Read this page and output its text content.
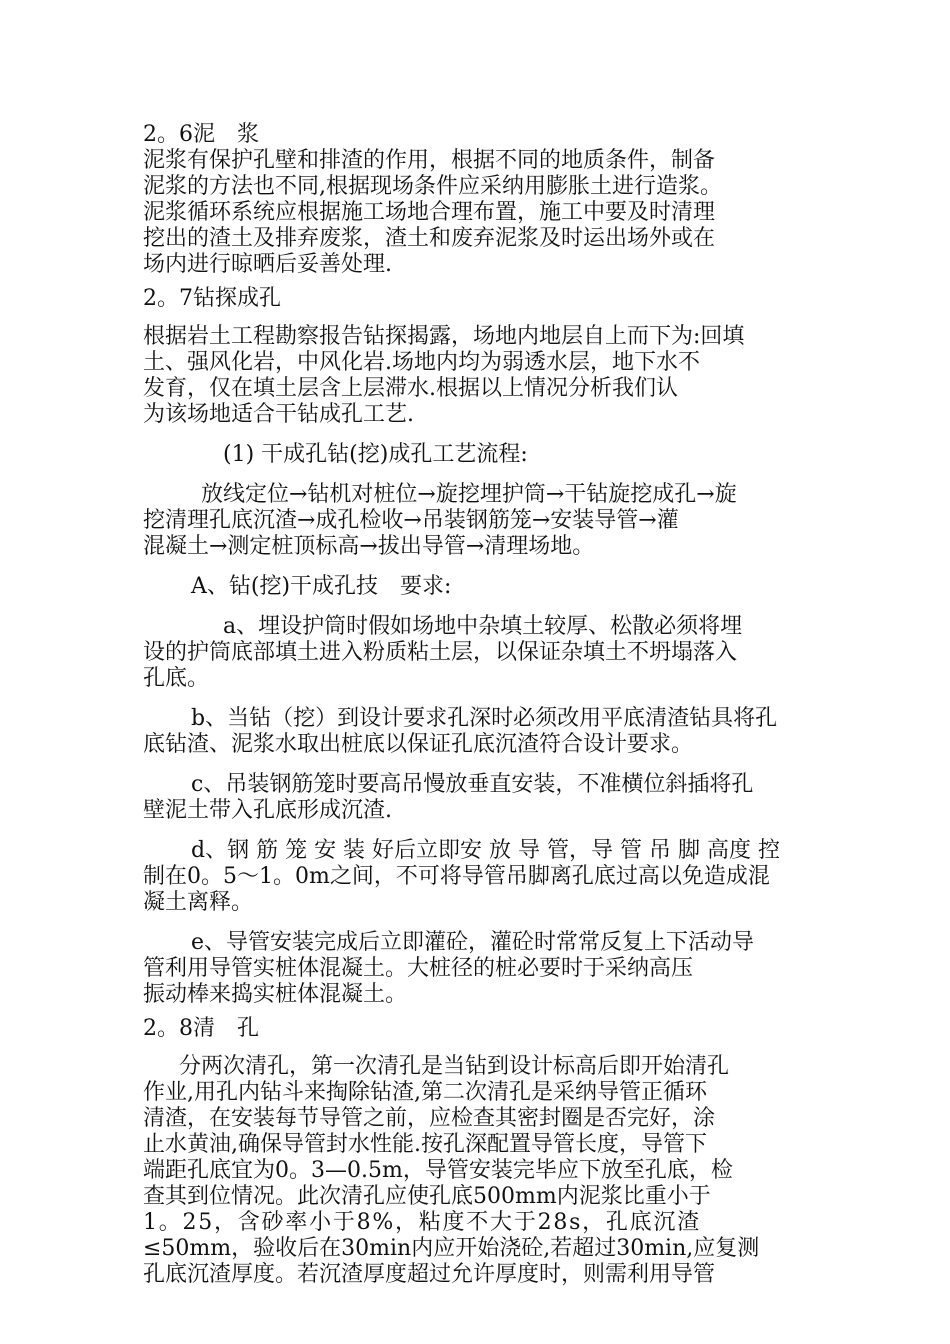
2。6泥　浆
泥浆有保护孔壁和排渣的作用，根据不同的地质条件，制备
泥浆的方法也不同,根据现场条件应采纳用膨胀土进行造浆。
泥浆循环系统应根据施工场地合理布置，施工中要及时清理
挖出的渣土及排弃废浆，渣土和废弃泥浆及时运出场外或在
场内进行晾晒后妥善处理.
2。7钻探成孔
根据岩土工程勘察报告钻探揭露，场地内地层自上而下为:回填
土、强风化岩，中风化岩.场地内均为弱透水层，地下水不
发育，仅在填土层含上层滞水.根据以上情况分析我们认
为该场地适合干钻成孔工艺.
(1) 干成孔钻(挖)成孔工艺流程:
放线定位→钻机对桩位→旋挖埋护筒→干钻旋挖成孔→旋
挖清理孔底沉渣→成孔检收→吊装钢筋笼→安装导管→灌
混凝土→测定桩顶标高→拔出导管→清理场地。
A、钻(挖)干成孔技　要求:
a、埋设护筒时假如场地中杂填土较厚、松散必须将埋
设的护筒底部填土进入粉质粘土层，以保证杂填土不坍塌落入
孔底。
b、当钻（挖）到设计要求孔深时必须改用平底清渣钻具将孔
底钻渣、泥浆水取出桩底以保证孔底沉渣符合设计要求。
c、吊装钢筋笼时要高吊慢放垂直安装，不准横位斜插将孔
壁泥土带入孔底形成沉渣.
d、钢 筋 笼 安 装 好后立即安 放 导 管，导 管 吊 脚 高度 控
制在0。5～1。0m之间，不可将导管吊脚离孔底过高以免造成混
凝土离释。
e、导管安装完成后立即灌砼，灌砼时常常反复上下活动导
管利用导管实桩体混凝土。大桩径的桩必要时于采纳高压
振动棒来捣实桩体混凝土。
2。8清　孔
分两次清孔，第一次清孔是当钻到设计标高后即开始清孔
作业,用孔内钻斗来掏除钻渣,第二次清孔是采纳导管正循环
清渣，在安装每节导管之前，应检查其密封圈是否完好，涂
止水黄油,确保导管封水性能.按孔深配置导管长度，导管下
端距孔底宜为0。3—0.5m，导管安装完毕应下放至孔底，检
查其到位情况。此次清孔应使孔底500mm内泥浆比重小于
1。25，含砂率小于8%，粘度不大于28s，孔底沉渣
≤50mm，验收后在30min内应开始浇砼,若超过30min,应复测
孔底沉渣厚度。若沉渣厚度超过允许厚度时，则需利用导管
